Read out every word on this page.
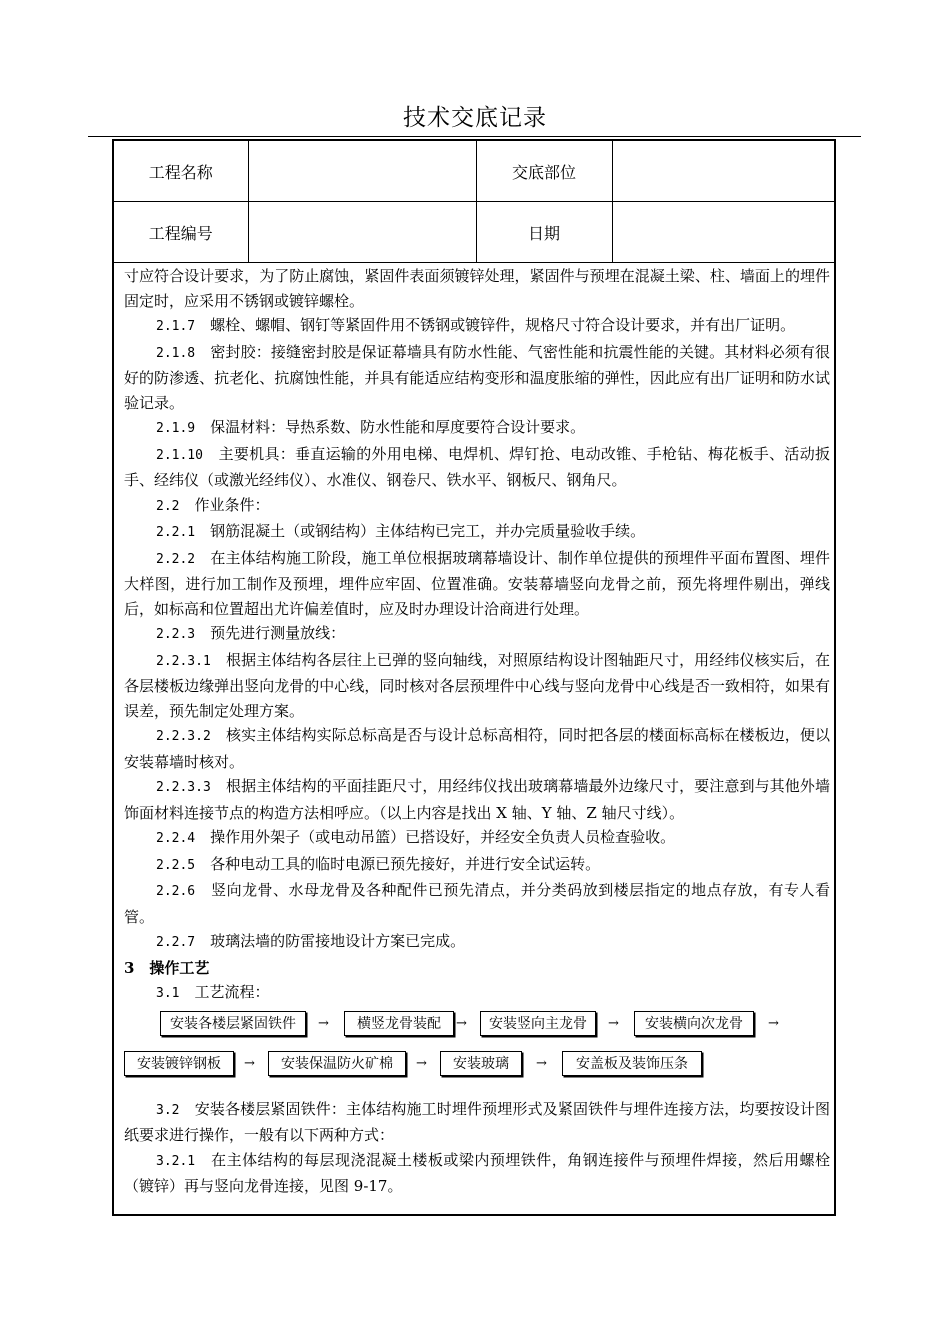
技术交底记录
工程名称		交底部位	
工程编号		日期	

寸应符合设计要求，为了防止腐蚀，紧固件表面须镀锌处理，紧固件与预埋在混凝土梁、柱、墙面上的埋件固定时，应采用不锈钢或镀锌螺栓。

2.1.7　 螺栓、螺帽、钢钉等紧固件用不锈钢或镀锌件，规格尺寸符合设计要求，并有出厂证明。

2.1.8　 密封胶：接缝密封胶是保证幕墙具有防水性能、气密性能和抗震性能的关键。其材料必须有很好的防渗透、抗老化、抗腐蚀性能，并具有能适应结构变形和温度胀缩的弹性，因此应有出厂证明和防水试验记录。

2.1.9　 保温材料：导热系数、防水性能和厚度要符合设计要求。

2.1.10　 主要机具：垂直运输的外用电梯、电焊机、焊钉抢、电动改锥、手枪钻、梅花板手、活动扳手、经纬仪（或激光经纬仪）、水准仪、钢卷尺、铁水平、钢板尺、钢角尺。

2.2　 作业条件：

2.2.1　 钢筋混凝土（或钢结构）主体结构已完工，并办完质量验收手续。

2.2.2　 在主体结构施工阶段，施工单位根据玻璃幕墙设计、制作单位提供的预埋件平面布置图、埋件大样图，进行加工制作及预埋，埋件应牢固、位置准确。安装幕墙竖向龙骨之前，预先将埋件剔出，弹线后，如标高和位置超出尤许偏差值时，应及时办理设计洽商进行处理。

2.2.3　 预先进行测量放线：

2.2.3.1　 根据主体结构各层往上已弹的竖向轴线，对照原结构设计图轴距尺寸，用经纬仪核实后，在各层楼板边缘弹出竖向龙骨的中心线，同时核对各层预埋件中心线与竖向龙骨中心线是否一致相符，如果有误差，预先制定处理方案。

2.2.3.2　 核实主体结构实际总标高是否与设计总标高相符，同时把各层的楼面标高标在楼板边，便以安装幕墙时核对。

2.2.3.3　 根据主体结构的平面挂距尺寸，用经纬仪找出玻璃幕墙最外边缘尺寸，要注意到与其他外墙饰面材料连接节点的构造方法相呼应。（以上内容是找出 X 轴、Y 轴、Z 轴尺寸线）。

2.2.4　 操作用外架子（或电动吊篮）已搭设好，并经安全负责人员检查验收。

2.2.5　 各种电动工具的临时电源已预先接好，并进行安全试运转。

2.2.6　 竖向龙骨、水母龙骨及各种配件已预先清点，并分类码放到楼层指定的地点存放，有专人看管。

2.2.7　 玻璃法墙的防雷接地设计方案已完成。

3　操作工艺

3.1　 工艺流程：

安装各楼层紧固铁件	→	横竖龙骨装配	→	安装竖向主龙骨	→	安装横向次龙骨	→
安装镀锌钢板	→	安装保温防火矿棉	→	安装玻璃	→	安盖板及装饰压条

3.2　 安装各楼层紧固铁件：主体结构施工时埋件预埋形式及紧固铁件与埋件连接方法，均要按设计图纸要求进行操作，一般有以下两种方式：

3.2.1　 在主体结构的每层现浇混凝土楼板或梁内预埋铁件，角钢连接件与预埋件焊接，然后用螺栓（镀锌）再与竖向龙骨连接，见图 9-17。
